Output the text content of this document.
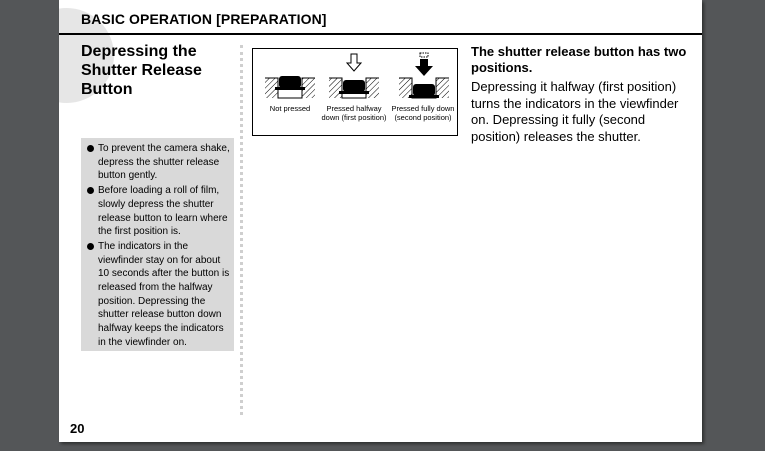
BASIC OPERATION [PREPARATION]
Depressing the
Shutter Release
Button
To prevent the camera shake, depress the shutter release button gently.
Before loading a roll of film, slowly depress the shutter release button to learn where the first position is.
The indicators in the viewfinder stay on for about 10 seconds after the button is released from the halfway position. Depressing the shutter release button down halfway keeps the indicators in the viewfinder on.
Not pressed	Pressed halfway down (first position)
Pressed fully down (second position)
The shutter release button has two positions.
Depressing it halfway (first position) turns the indicators in the viewfinder on. Depressing it fully (second position) releases the shutter.
20
